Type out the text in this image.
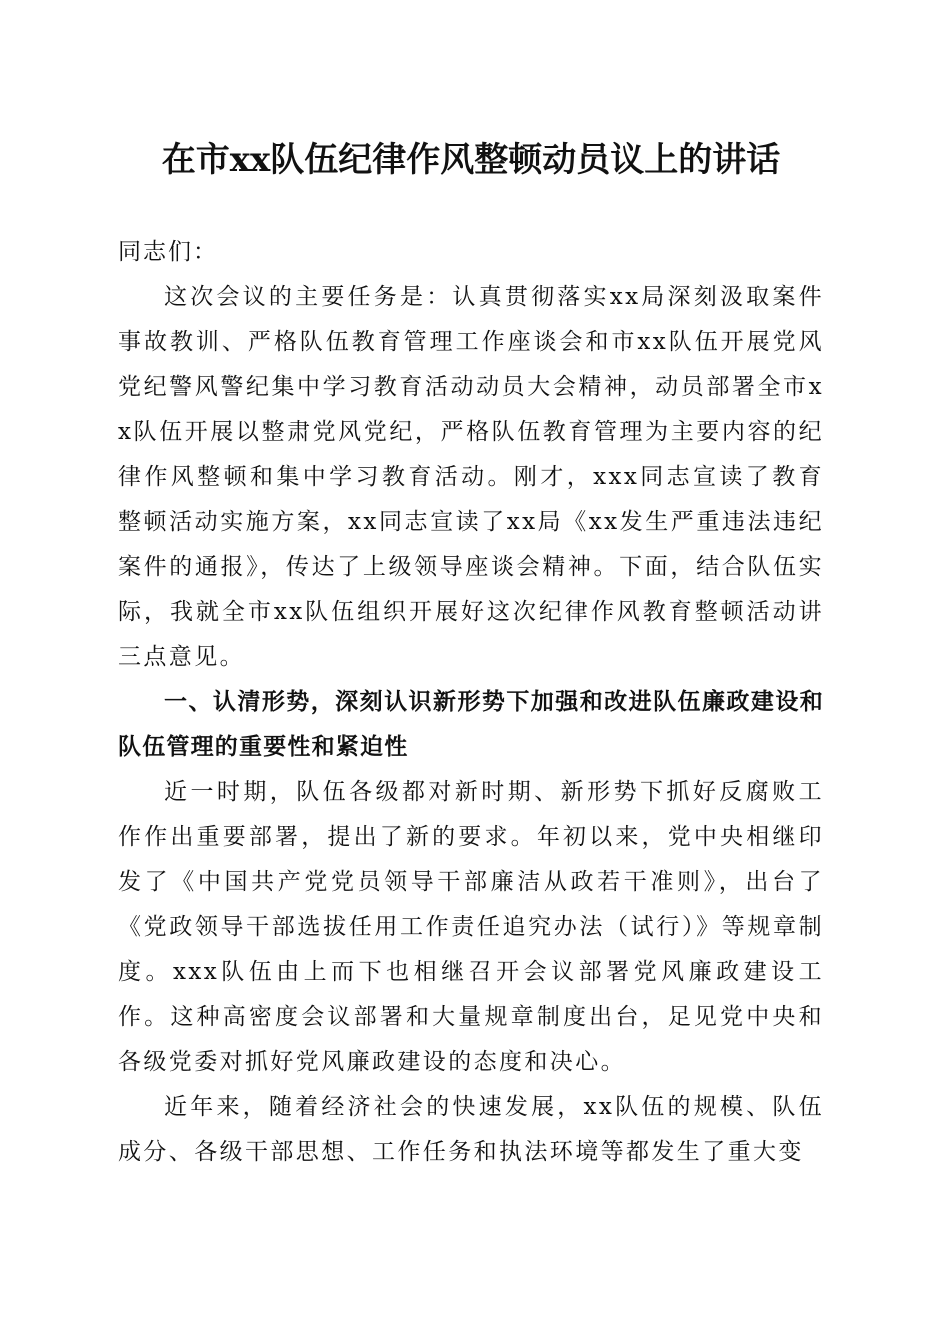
在市xx队伍纪律作风整顿动员议上的讲话

同志们：

这次会议的主要任务是：认真贯彻落实xx局深刻汲取案件事故教训、严格队伍教育管理工作座谈会和市xx队伍开展党风党纪警风警纪集中学习教育活动动员大会精神，动员部署全市xx队伍开展以整肃党风党纪，严格队伍教育管理为主要内容的纪律作风整顿和集中学习教育活动。刚才，xxx同志宣读了教育整顿活动实施方案，xx同志宣读了xx局《xx发生严重违法违纪案件的通报》，传达了上级领导座谈会精神。下面，结合队伍实际，我就全市xx队伍组织开展好这次纪律作风教育整顿活动讲三点意见。

一、认清形势，深刻认识新形势下加强和改进队伍廉政建设和队伍管理的重要性和紧迫性

近一时期，队伍各级都对新时期、新形势下抓好反腐败工作作出重要部署，提出了新的要求。年初以来，党中央相继印发了《中国共产党党员领导干部廉洁从政若干准则》，出台了《党政领导干部选拔任用工作责任追究办法（试行）》等规章制度。xxx队伍由上而下也相继召开会议部署党风廉政建设工作。这种高密度会议部署和大量规章制度出台，足见党中央和各级党委对抓好党风廉政建设的态度和决心。

近年来，随着经济社会的快速发展，xx队伍的规模、队伍成分、各级干部思想、工作任务和执法环境等都发生了重大变
